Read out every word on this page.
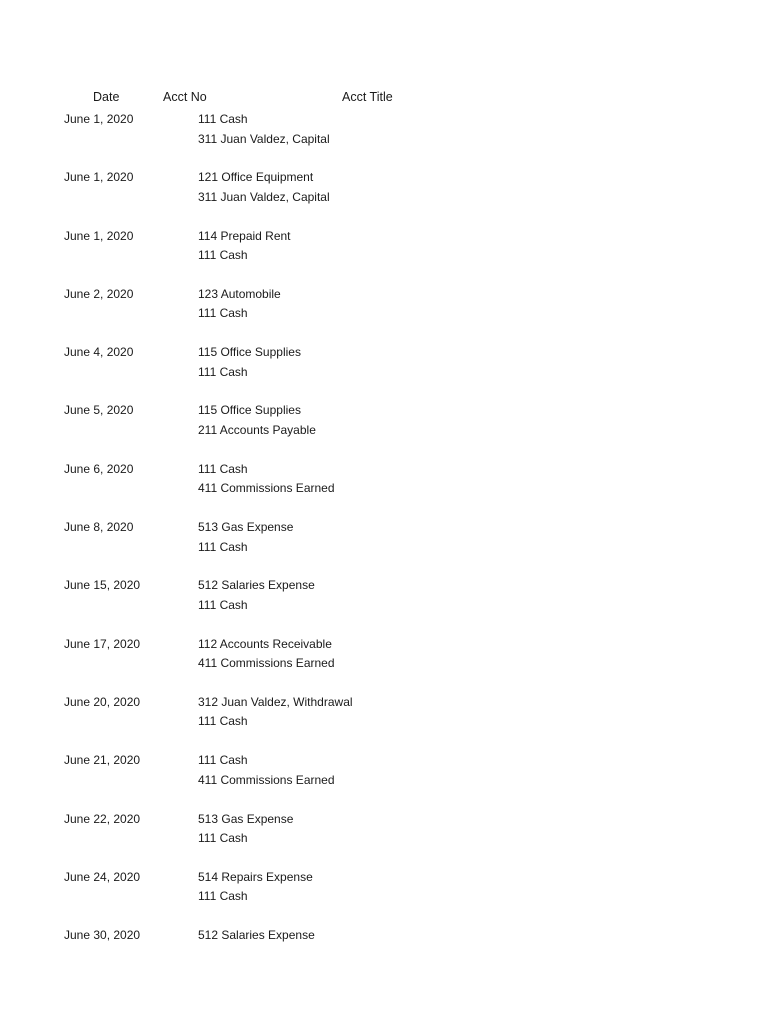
Date	Acct No	Acct Title
June 1, 2020	111 Cash
311 Juan Valdez, Capital
June 1, 2020	121 Office Equipment
311 Juan Valdez, Capital
June 1, 2020	114 Prepaid Rent
111 Cash
June 2, 2020	123 Automobile
111 Cash
June 4, 2020	115 Office Supplies
111 Cash
June 5, 2020	115 Office Supplies
211 Accounts Payable
June 6, 2020	111 Cash
411 Commissions Earned
June 8, 2020	513 Gas Expense
111 Cash
June 15, 2020	512 Salaries Expense
111 Cash
June 17, 2020	112 Accounts Receivable
411 Commissions Earned
June 20, 2020	312 Juan Valdez, Withdrawal
111 Cash
June 21, 2020	111 Cash
411 Commissions Earned
June 22, 2020	513 Gas Expense
111 Cash
June 24, 2020	514 Repairs Expense
111 Cash
June 30, 2020	512 Salaries Expense
